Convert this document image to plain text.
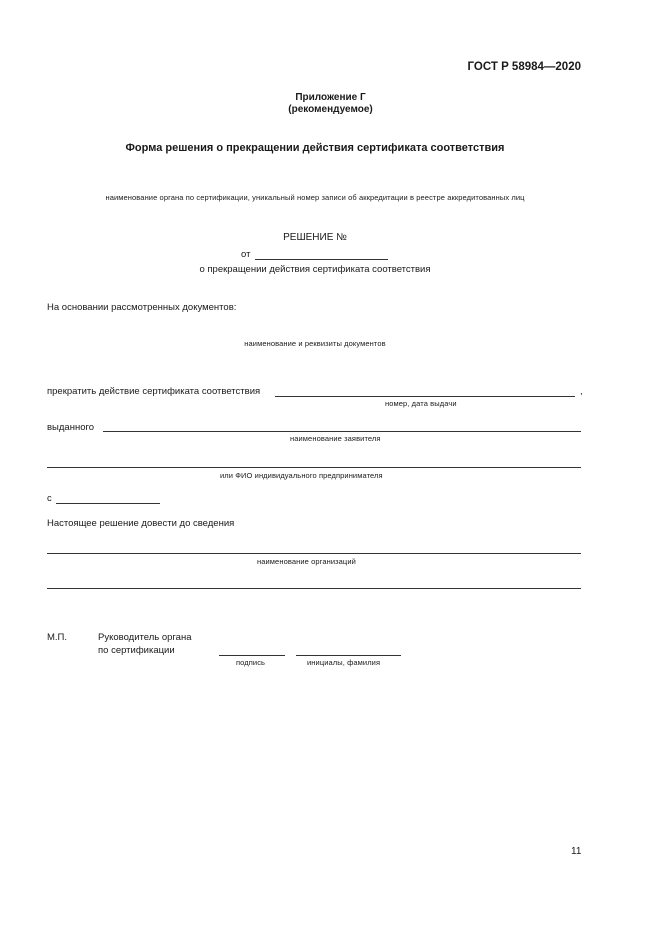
ГОСТ Р 58984—2020
Приложение Г
(рекомендуемое)
Форма решения о прекращении действия сертификата соответствия
наименование органа по сертификации, уникальный номер записи об аккредитации в реестре аккредитованных лиц
РЕШЕНИЕ №
от
о прекращении действия сертификата соответствия
На основании рассмотренных документов:
наименование и реквизиты документов
прекратить действие сертификата соответствия	,
номер, дата выдачи
выданного
наименование заявителя
или ФИО индивидуального предпринимателя
с
Настоящее решение довести до сведения
наименование организаций
М.П.	Руководитель органа
по сертификации
подпись	инициалы, фамилия
11
